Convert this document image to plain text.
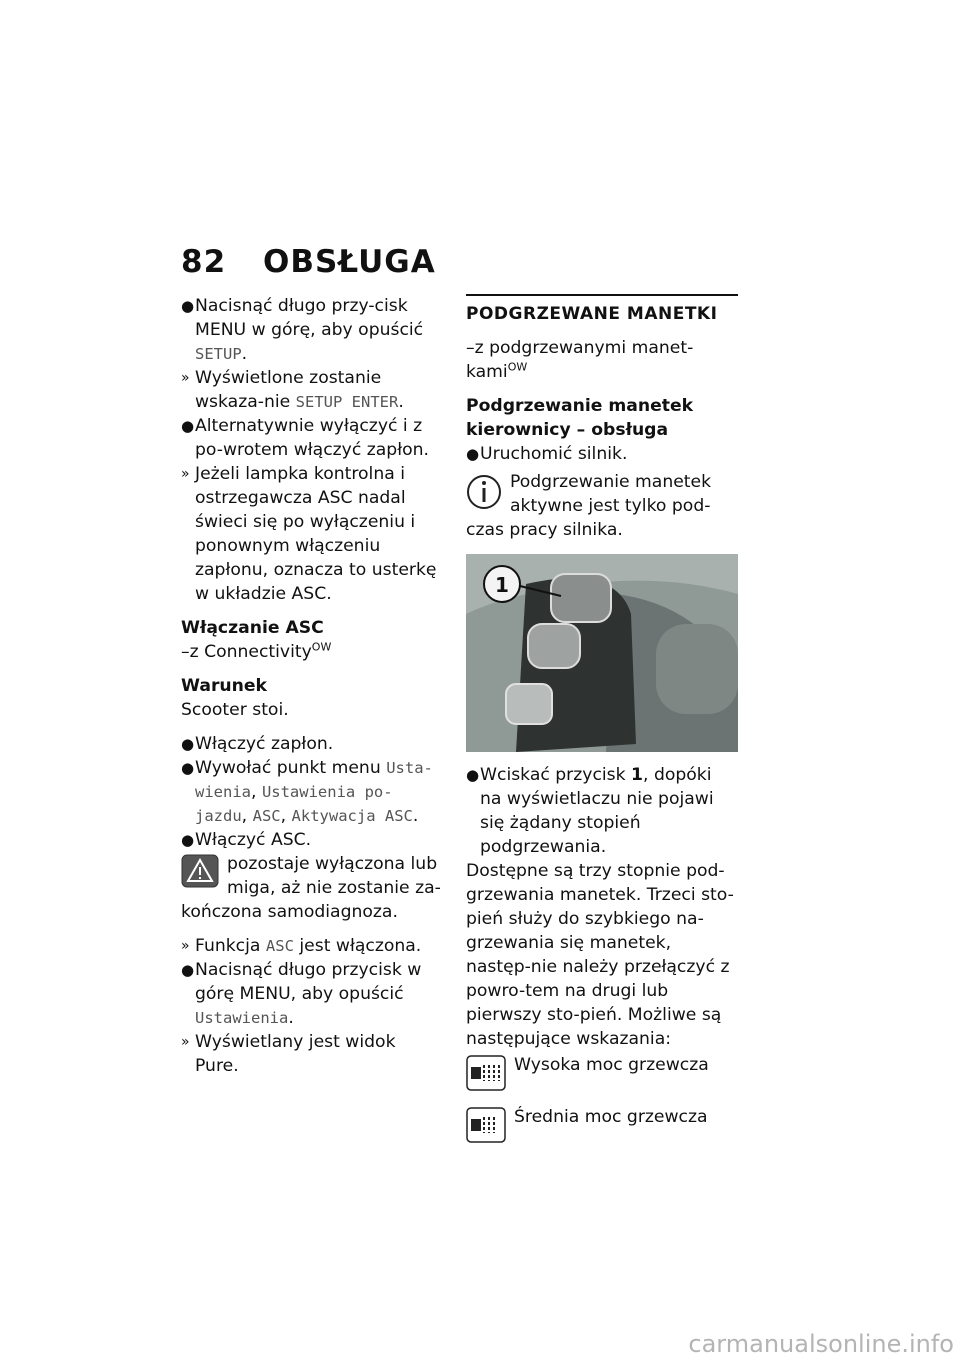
82 OBSŁUGA
● Nacisnąć długo przy-cisk MENU w górę, aby opuścić SETUP.
» Wyświetlone zostanie wskaza-nie SETUP ENTER.
● Alternatywnie wyłączyć i z po-wrotem włączyć zapłon.
» Jeżeli lampka kontrolna i ostrzegawcza ASC nadal świeci się po wyłączeniu i ponownym włączeniu zapłonu, oznacza to usterkę w układzie ASC.
Włączanie ASC
–z Connectivity$^{OW}$
Warunek
Scooter stoi.
● Włączyć zapłon.
● Wywołać punkt menu Usta-wienia, Ustawienia po-jazdu, ASC, Aktywacja ASC.
● Włączyć ASC.
pozostaje wyłączona lub miga, aż nie zostanie za-kończona samodiagnoza.
» Funkcja ASC jest włączona.
● Nacisnąć długo przycisk w górę MENU, aby opuścić Ustawienia.
» Wyświetlany jest widok Pure.
PODGRZEWANE MANETKI
–z podgrzewanymi manet-kami$^{OW}$
Podgrzewanie manetek kierownicy – obsługa
● Uruchomić silnik.
Podgrzewanie manetek aktywne jest tylko pod-czas pracy silnika.
1
● Wciskać przycisk 1, dopóki na wyświetlaczu nie pojawi się żądany stopień podgrzewania.
Dostępne są trzy stopnie pod-grzewania manetek. Trzeci sto-pień służy do szybkiego na-grzewania się manetek, następ-nie należy przełączyć z powro-tem na drugi lub pierwszy sto-pień. Możliwe są następujące wskazania:
Wysoka moc grzewcza
Średnia moc grzewcza
carmanualsonline.info
